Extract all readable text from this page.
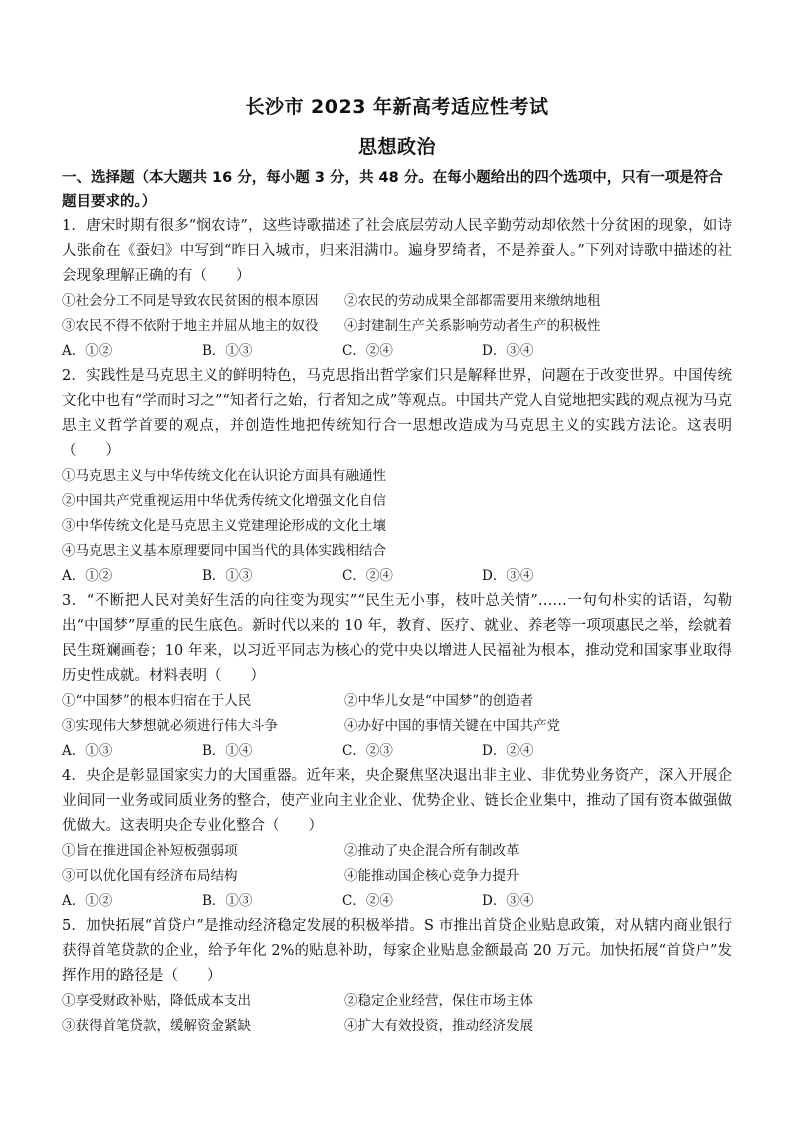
长沙市 2023 年新高考适应性考试
思想政治
一、选择题（本大题共 16 分，每小题 3 分，共 48 分。在每小题给出的四个选项中，只有一项是符合题目要求的。）
1．唐宋时期有很多“悯农诗”，这些诗歌描述了社会底层劳动人民辛勤劳动却依然十分贫困的现象，如诗人张俞在《蚕妇》中写到“昨日入城市，归来泪满巾。遍身罗绮者，不是养蚕人。”下列对诗歌中描述的社会现象理解正确的有（　　）
①社会分工不同是导致农民贫困的根本原因	②农民的劳动成果全部都需要用来缴纳地租
③农民不得不依附于地主并屈从地主的奴役	④封建制生产关系影响劳动者生产的积极性
A．①②	B．①③	C．②④	D．③④
2．实践性是马克思主义的鲜明特色，马克思指出哲学家们只是解释世界，问题在于改变世界。中国传统文化中也有“学而时习之”“知者行之始，行者知之成”等观点。中国共产党人自觉地把实践的观点视为马克思主义哲学首要的观点，并创造性地把传统知行合一思想改造成为马克思主义的实践方法论。这表明（　　）
①马克思主义与中华传统文化在认识论方面具有融通性
②中国共产党重视运用中华优秀传统文化增强文化自信
③中华传统文化是马克思主义党建理论形成的文化土壤
④马克思主义基本原理要同中国当代的具体实践相结合
A．①②	B．①③	C．②④	D．③④
3．“不断把人民对美好生活的向往变为现实”“民生无小事，枝叶总关情”……一句句朴实的话语，勾勒出“中国梦”厚重的民生底色。新时代以来的 10 年，教育、医疗、就业、养老等一项项惠民之举，绘就着民生斑斓画卷；10 年来，以习近平同志为核心的党中央以增进人民福祉为根本，推动党和国家事业取得历史性成就。材料表明（　　）
①“中国梦”的根本归宿在于人民	②中华儿女是“中国梦”的创造者
③实现伟大梦想就必须进行伟大斗争	④办好中国的事情关键在中国共产党
A．①③	B．①④	C．②③	D．②④
4．央企是彰显国家实力的大国重器。近年来，央企聚焦坚决退出非主业、非优势业务资产，深入开展企业间同一业务或同质业务的整合，使产业向主业企业、优势企业、链长企业集中，推动了国有资本做强做优做大。这表明央企专业化整合（　　）
①旨在推进国企补短板强弱项	②推动了央企混合所有制改革
③可以优化国有经济布局结构	④能推动国企核心竞争力提升
A．①②	B．①③	C．②④	D．③④
5．加快拓展“首贷户”是推动经济稳定发展的积极举措。S 市推出首贷企业贴息政策，对从辖内商业银行获得首笔贷款的企业，给予年化 2%的贴息补助，每家企业贴息金额最高 20 万元。加快拓展“首贷户”发挥作用的路径是（　　）
①享受财政补贴，降低成本支出	②稳定企业经营，保住市场主体
③获得首笔贷款，缓解资金紧缺	④扩大有效投资，推动经济发展
